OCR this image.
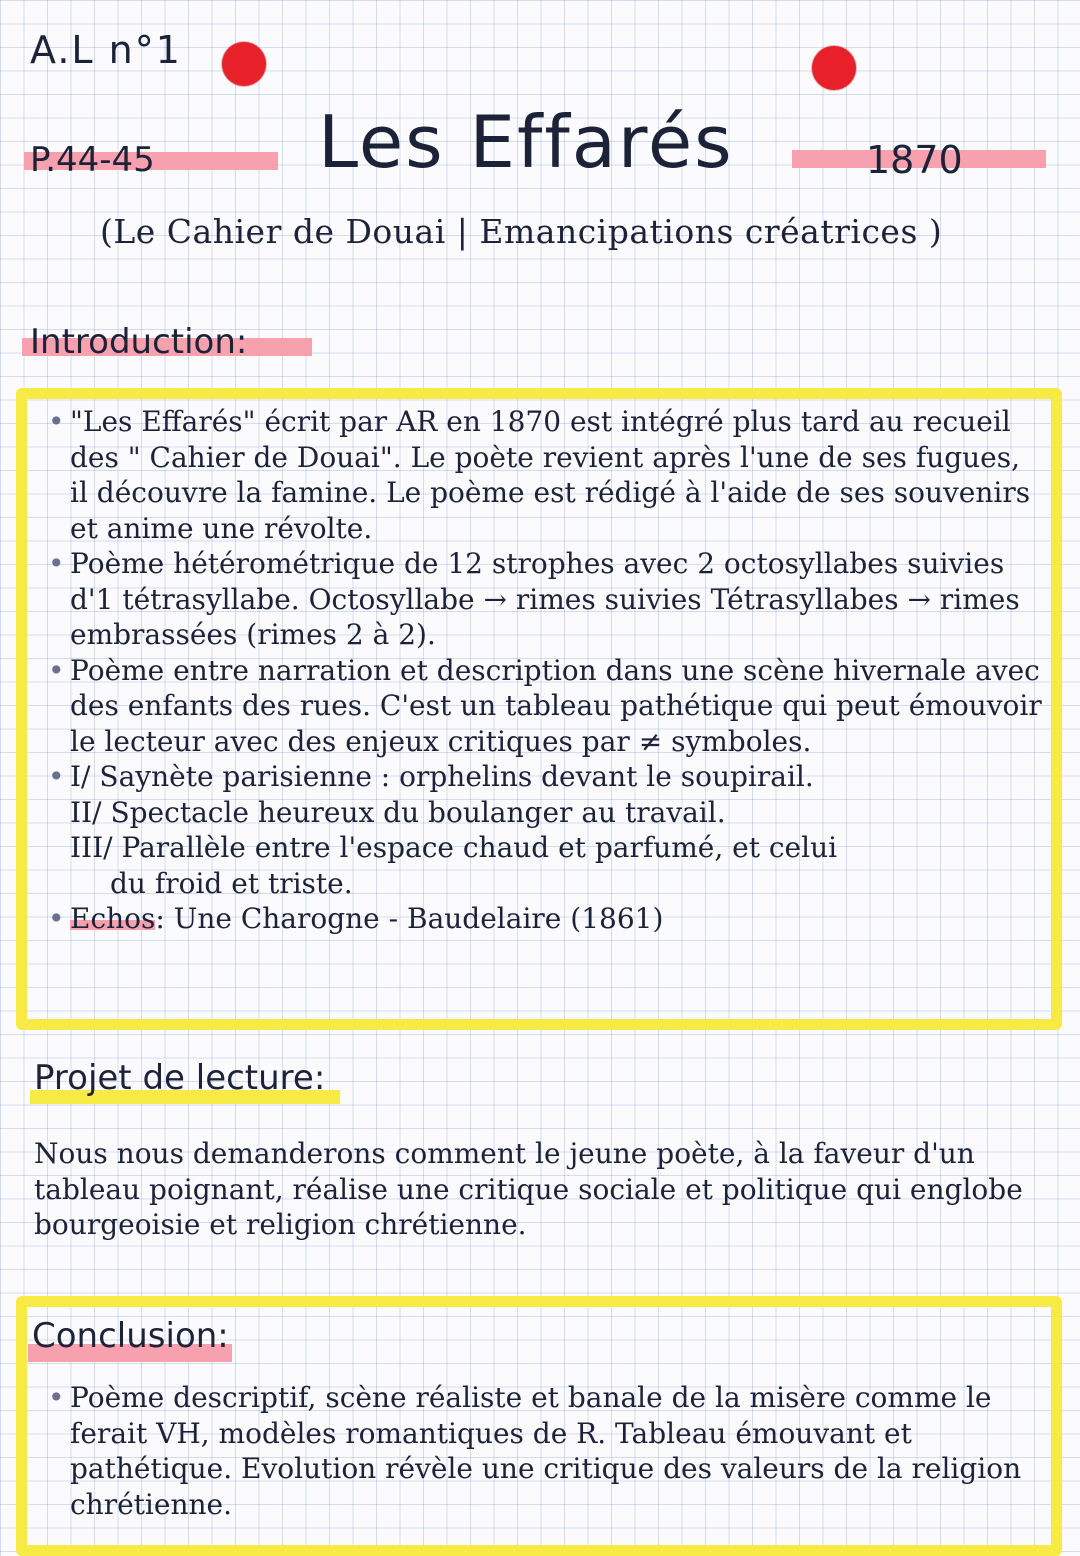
A.L n°1
P.44-45 Les Effarés	1870
(Le Cahier de Douai | Emancipations créatrices )
Introduction:
• "Les Effarés" écrit par AR en 1870 est intégré plus tard au recueil des " Cahier de Douai". Le poète revient après l'une de ses fugues, il découvre la famine. Le poème est rédigé à l'aide de ses souvenirs et anime une révolte.
• Poème hétérométrique de 12 strophes avec 2 octosyllabes suivies d'1 tétrasyllabe. Octosyllabe → rimes suivies Tétrasyllabes → rimes embrassées (rimes 2 à 2).
• Poème entre narration et description dans une scène hivernale avec des enfants des rues. C'est un tableau pathétique qui peut émouvoir le lecteur avec des enjeux critiques par ≠ symboles.
• I/ Saynète parisienne : orphelins devant le soupirail.
II/ Spectacle heureux du boulanger au travail.
III/ Parallèle entre l'espace chaud et parfumé, et celui
du froid et triste.
• Echos: Une Charogne - Baudelaire (1861)
Projet de lecture:
Nous nous demanderons comment le jeune poète, à la faveur d'un tableau poignant, réalise une critique sociale et politique qui englobe bourgeoisie et religion chrétienne.
Conclusion:
• Poème descriptif, scène réaliste et banale de la misère comme le ferait VH, modèles romantiques de R. Tableau émouvant et pathétique. Evolution révèle une critique des valeurs de la religion chrétienne.
